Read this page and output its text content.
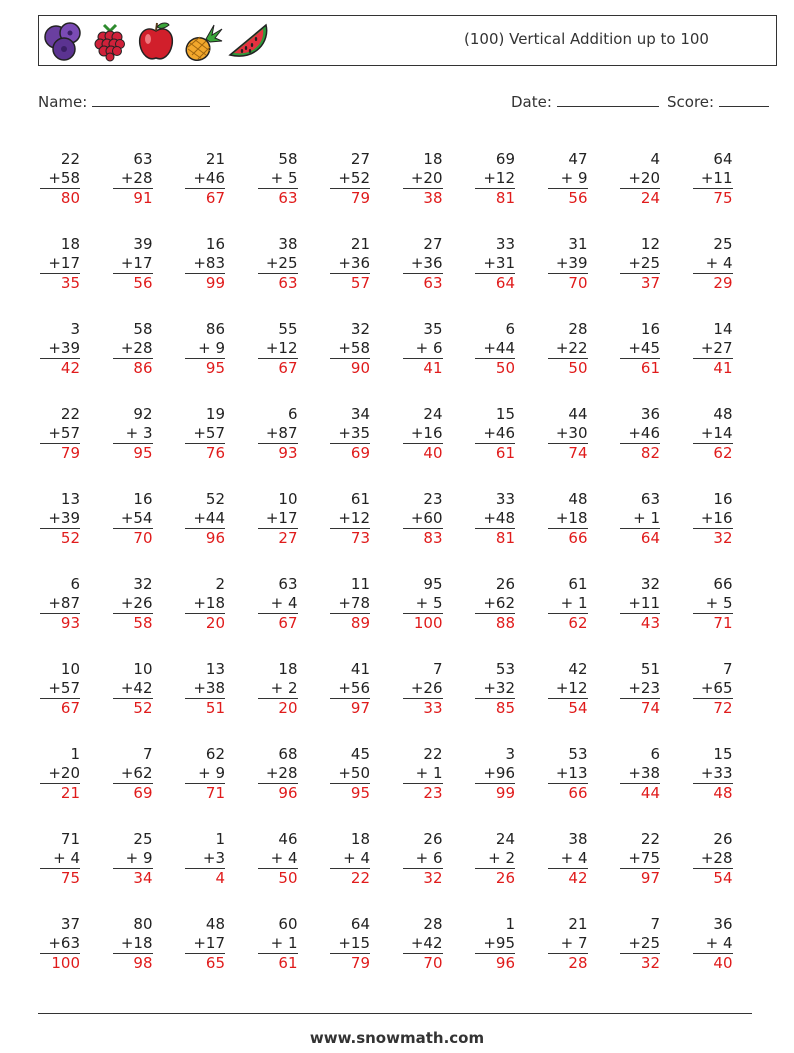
(100) Vertical Addition up to 100
Name:	Date:	Score:
22
+58
80
63
+28
91
21
+46
67
58
+ 5
63
27
+52
79
18
+20
38
69
+12
81
47
+ 9
56
4
+20
24
64
+11
75
18
+17
35
39
+17
56
16
+83
99
38
+25
63
21
+36
57
27
+36
63
33
+31
64
31
+39
70
12
+25
37
25
+ 4
29
3
+39
42
58
+28
86
86
+ 9
95
55
+12
67
32
+58
90
35
+ 6
41
6
+44
50
28
+22
50
16
+45
61
14
+27
41
22
+57
79
92
+ 3
95
19
+57
76
6
+87
93
34
+35
69
24
+16
40
15
+46
61
44
+30
74
36
+46
82
48
+14
62
13
+39
52
16
+54
70
52
+44
96
10
+17
27
61
+12
73
23
+60
83
33
+48
81
48
+18
66
63
+ 1
64
16
+16
32
6
+87
93
32
+26
58
2
+18
20
63
+ 4
67
11
+78
89
95
+ 5
100
26
+62
88
61
+ 1
62
32
+11
43
66
+ 5
71
10
+57
67
10
+42
52
13
+38
51
18
+ 2
20
41
+56
97
7
+26
33
53
+32
85
42
+12
54
51
+23
74
7
+65
72
1
+20
21
7
+62
69
62
+ 9
71
68
+28
96
45
+50
95
22
+ 1
23
3
+96
99
53
+13
66
6
+38
44
15
+33
48
71
+ 4
75
25
+ 9
34
1
+3
4
46
+ 4
50
18
+ 4
22
26
+ 6
32
24
+ 2
26
38
+ 4
42
22
+75
97
26
+28
54
37
+63
100
80
+18
98
48
+17
65
60
+ 1
61
64
+15
79
28
+42
70
1
+95
96
21
+ 7
28
7
+25
32
36
+ 4
40
www.snowmath.com
